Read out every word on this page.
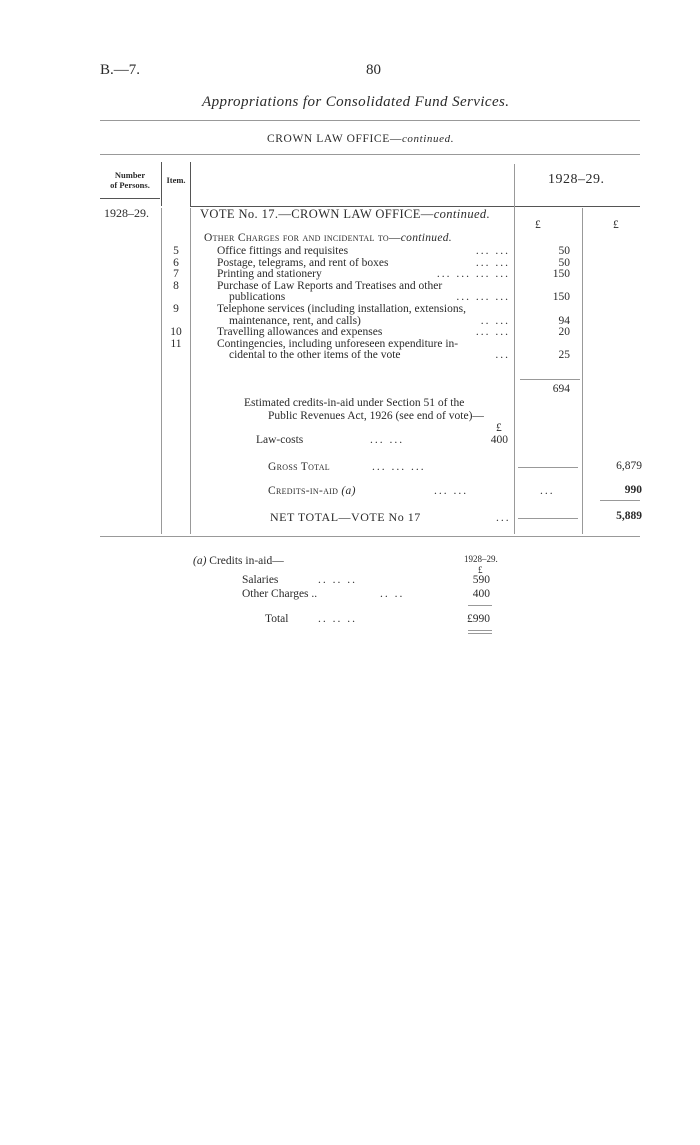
B.—7.	80
Appropriations for Consolidated Fund Services.
CROWN LAW OFFICE—continued.
Number
of Persons.	Item.	1928–29.
1928–29.	VOTE No. 17.—CROWN LAW OFFICE—continued.
£	£
Other Charges for and incidental to—continued.
5	Office fittings and requisites	... ...	50
6	Postage, telegrams, and rent of boxes	... ...	50
7	Printing and stationery	... ... ... ...	150
8	Purchase of Law Reports and Treatises and other
publications	... ... ...	150
9	Telephone services (including installation, extensions,
maintenance, rent, and calls)	.. ...	94
10	Travelling allowances and expenses	... ...	20
11	Contingencies, including unforeseen expenditure in-
cidental to the other items of the vote	...	25
694
Estimated credits-in-aid under Section 51 of the
Public Revenues Act, 1926 (see end of vote)—
£
Law-costs	... ...	400
Gross Total	... ... ...	6,879
Credits-in-aid (a)	... ...	...	990
NET TOTAL—VOTE No 17	...	5,889
(a) Credits in-aid—	1928–29.
£
Salaries	.. .. ..	590
Other Charges ..	.. ..	400
Total	.. .. ..	£990
